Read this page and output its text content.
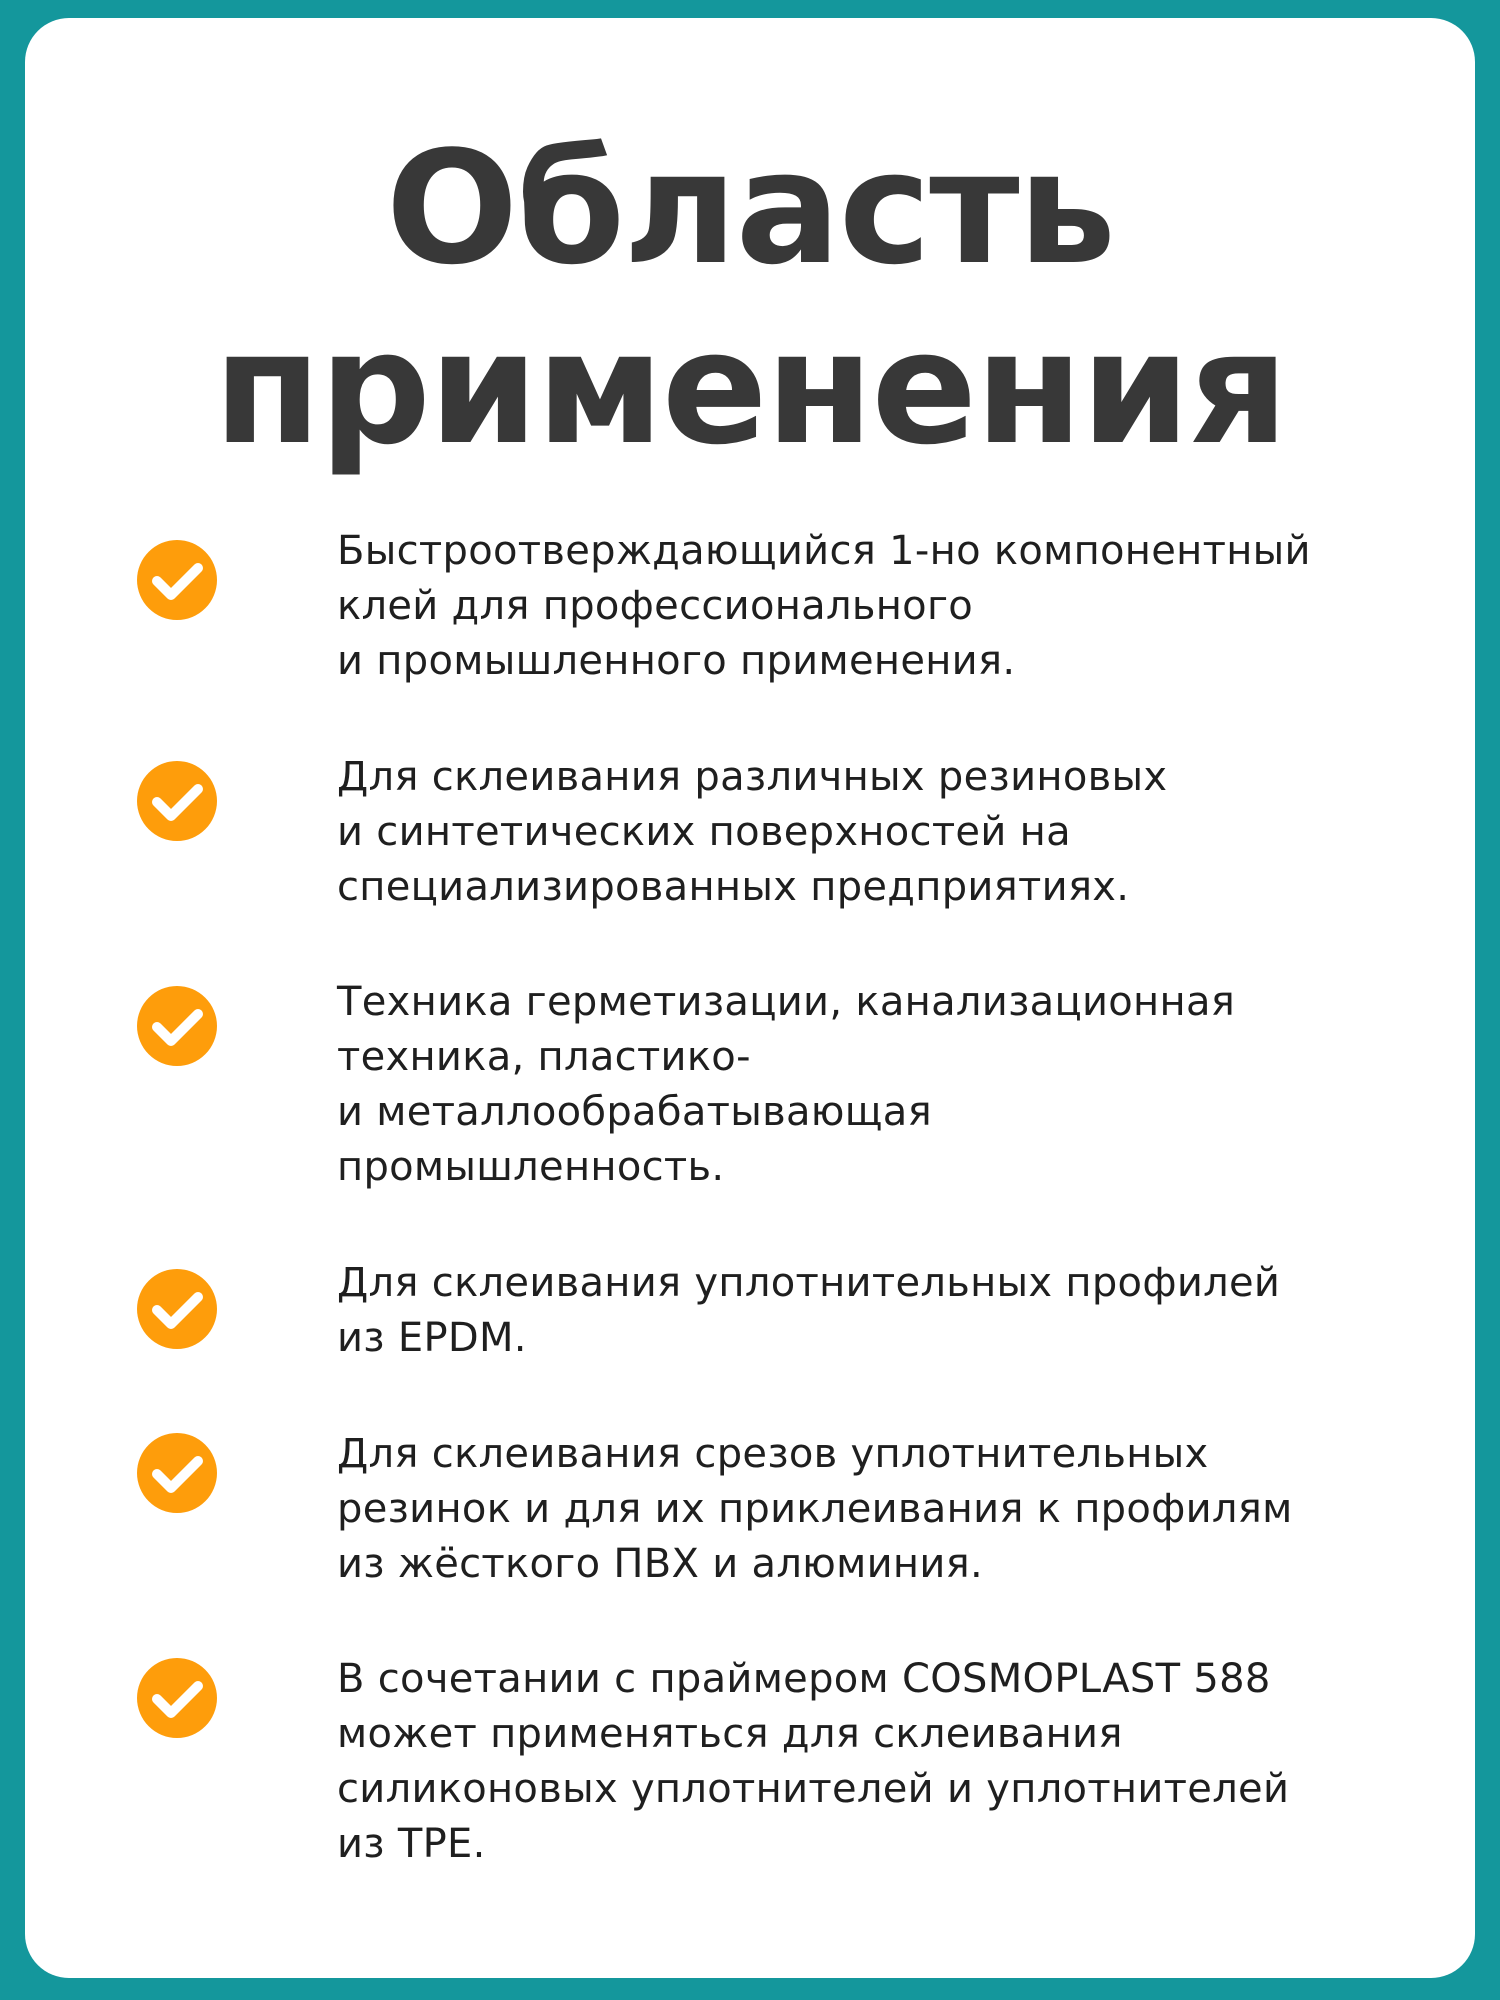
Область
применения
Быстроотверждающийся 1-но компонентный
клей для профессионального
и промышленного применения.
Для склеивания различных резиновых
и синтетических поверхностей на
специализированных предприятиях.
Техника герметизации, канализационная
техника, пластико-
и металлообрабатывающая
промышленность.
Для склеивания уплотнительных профилей
из EPDM.
Для склеивания срезов уплотнительных
резинок и для их приклеивания к профилям
из жёсткого ПВХ и алюминия.
В сочетании с праймером COSMOPLAST 588
может применяться для склеивания
силиконовых уплотнителей и уплотнителей
из TPE.
